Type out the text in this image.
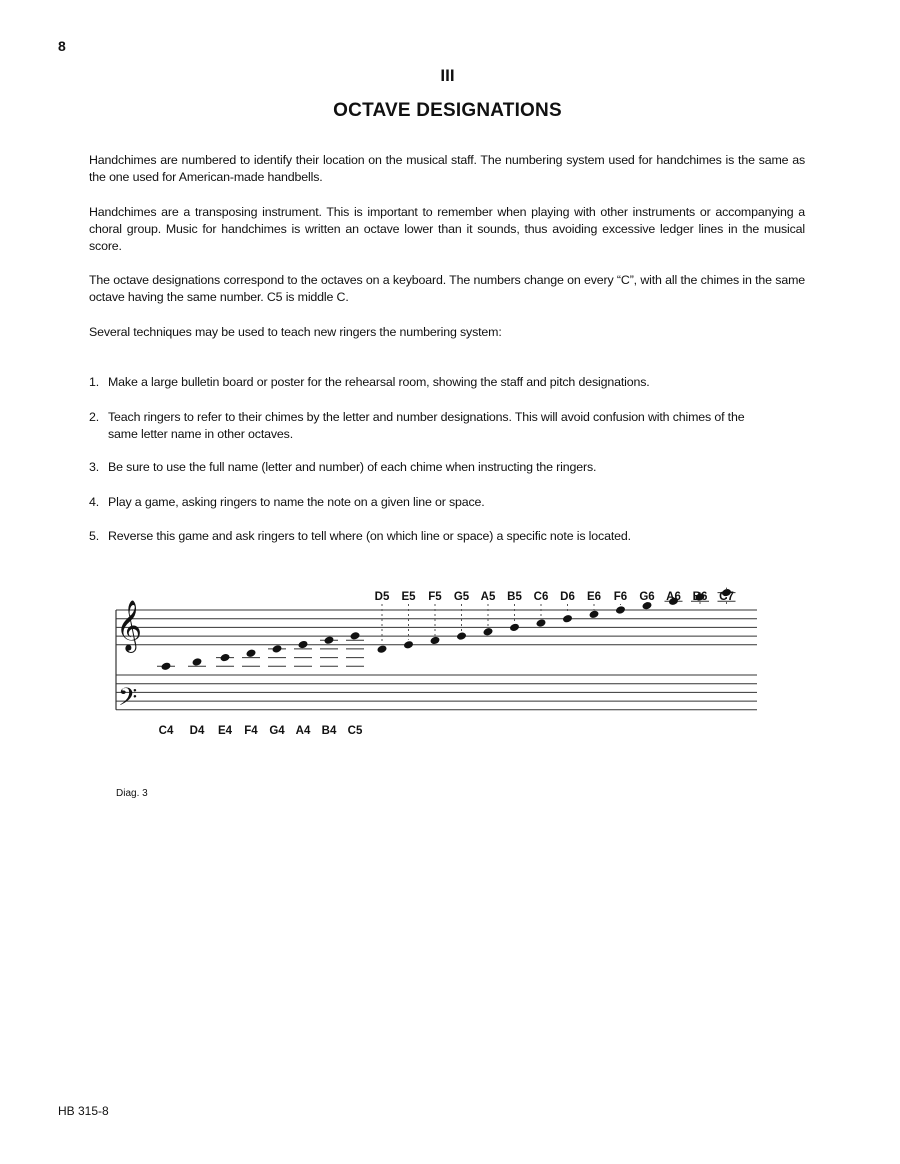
8
III
OCTAVE DESIGNATIONS

Handchimes are numbered to identify their location on the musical staff. The numbering system used for handchimes is the same as the one used for American-made handbells.

Handchimes are a transposing instrument. This is important to remember when playing with other instruments or accompanying a choral group. Music for handchimes is written an octave lower than it sounds, thus avoiding excessive ledger lines in the musical score.

The octave designations correspond to the octaves on a keyboard. The numbers change on every “C”, with all the chimes in the same octave having the same number. C5 is middle C.

Several techniques may be used to teach new ringers the numbering system:

1. Make a large bulletin board or poster for the rehearsal room, showing the staff and pitch designations.
2. Teach ringers to refer to their chimes by the letter and number designations. This will avoid confusion with chimes of the same letter name in other octaves.
3. Be sure to use the full name (letter and number) of each chime when instructing the ringers.
4. Play a game, asking ringers to name the note on a given line or space.
5. Reverse this game and ask ringers to tell where (on which line or space) a specific note is located.
C4 D4 E4 F4 G4 A4 B4 C5
D5 E5 F5 G5 A5 B5 C6 D6 E6 F6 G6 A6 B6 C7
𝄞
𝄢
Diag. 3
HB 315-8
